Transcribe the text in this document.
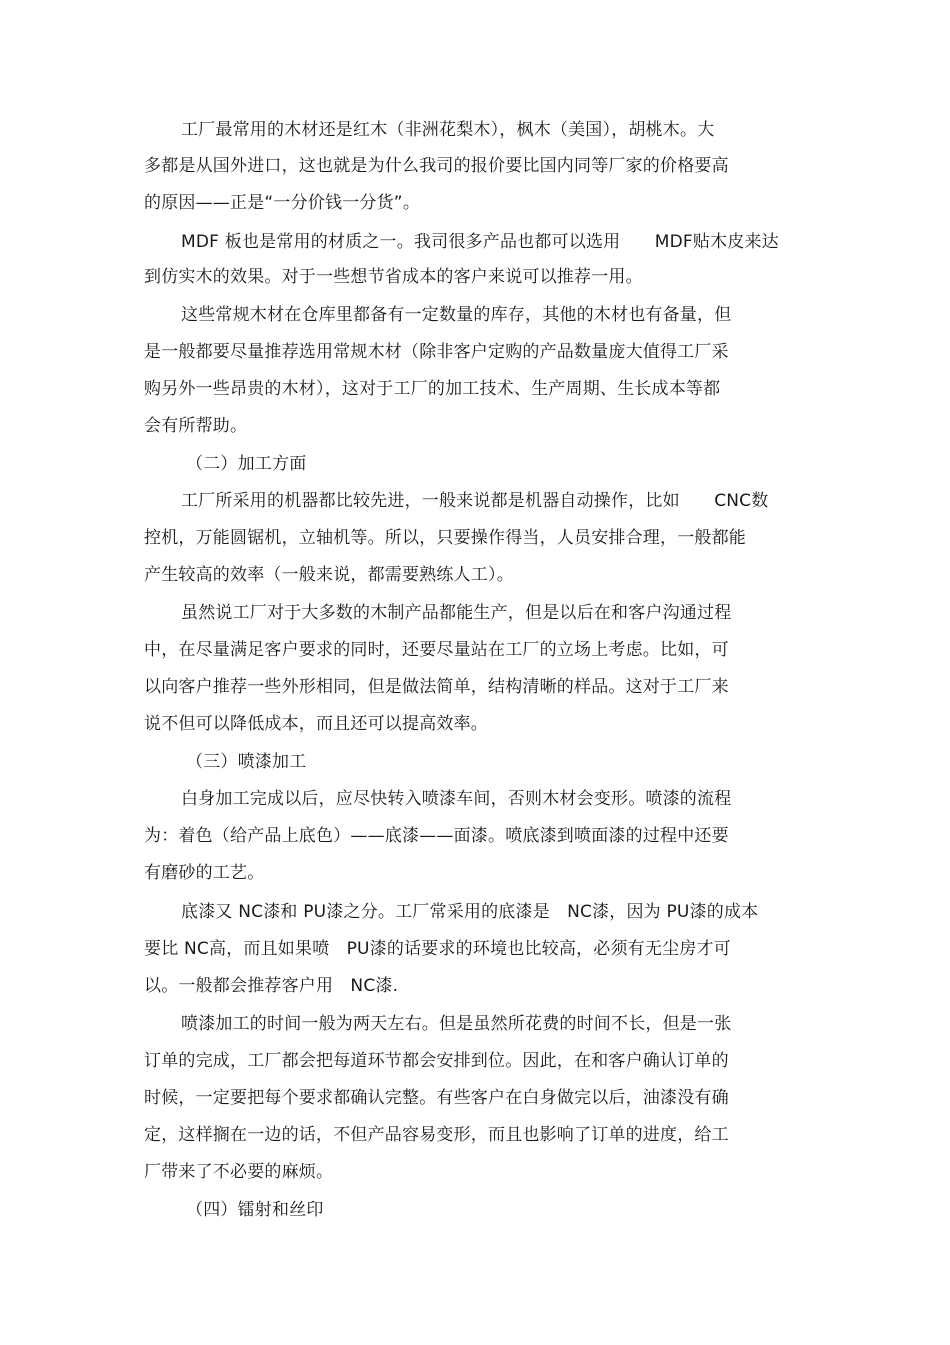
工厂最常用的木材还是红木（非洲花梨木），枫木（美国），胡桃木。大
多都是从国外进口，这也就是为什么我司的报价要比国内同等厂家的价格要高
的原因——正是“一分价钱一分货”。
MDF 板也是常用的材质之一。我司很多产品也都可以选用　　MDF贴木皮来达
到仿实木的效果。对于一些想节省成本的客户来说可以推荐一用。
这些常规木材在仓库里都备有一定数量的库存，其他的木材也有备量，但
是一般都要尽量推荐选用常规木材（除非客户定购的产品数量庞大值得工厂采
购另外一些昂贵的木材），这对于工厂的加工技术、生产周期、生长成本等都
会有所帮助。
（二）加工方面
工厂所采用的机器都比较先进，一般来说都是机器自动操作，比如　　CNC数
控机，万能圆锯机，立轴机等。所以，只要操作得当，人员安排合理，一般都能
产生较高的效率（一般来说，都需要熟练人工）。
虽然说工厂对于大多数的木制产品都能生产，但是以后在和客户沟通过程
中，在尽量满足客户要求的同时，还要尽量站在工厂的立场上考虑。比如，可
以向客户推荐一些外形相同，但是做法简单，结构清晰的样品。这对于工厂来
说不但可以降低成本，而且还可以提高效率。
（三）喷漆加工
白身加工完成以后，应尽快转入喷漆车间，否则木材会变形。喷漆的流程
为：着色（给产品上底色）——底漆——面漆。喷底漆到喷面漆的过程中还要
有磨砂的工艺。
底漆又 NC漆和 PU漆之分。工厂常采用的底漆是　NC漆，因为 PU漆的成本
要比 NC高，而且如果喷　PU漆的话要求的环境也比较高，必须有无尘房才可
以。一般都会推荐客户用　NC漆.
喷漆加工的时间一般为两天左右。但是虽然所花费的时间不长，但是一张
订单的完成，工厂都会把每道环节都会安排到位。因此，在和客户确认订单的
时候，一定要把每个要求都确认完整。有些客户在白身做完以后，油漆没有确
定，这样搁在一边的话，不但产品容易变形，而且也影响了订单的进度，给工
厂带来了不必要的麻烦。
（四）镭射和丝印
